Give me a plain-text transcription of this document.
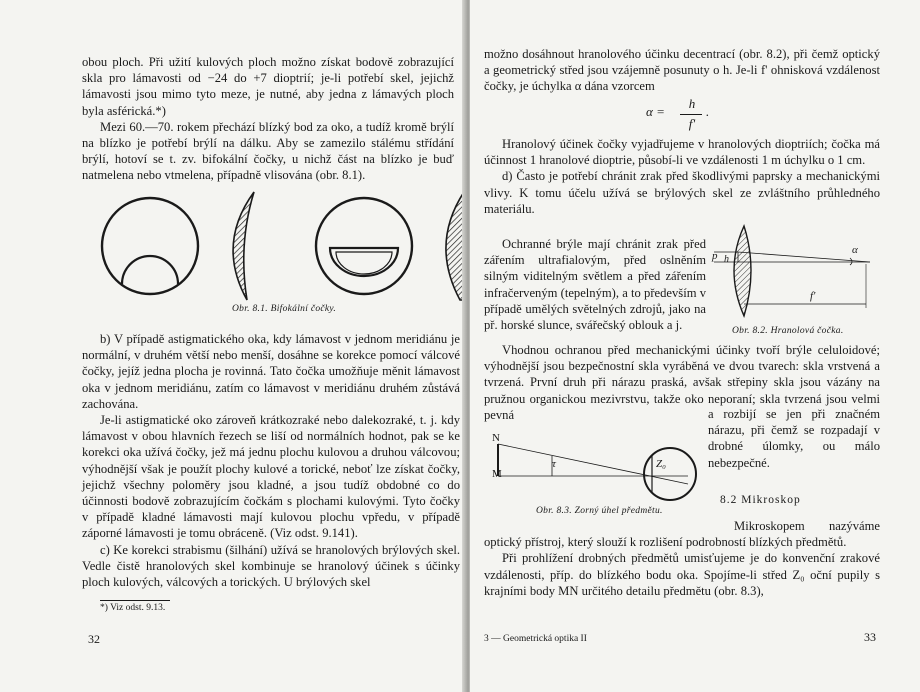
obou ploch. Při užití kulových ploch možno získat bodově zobrazující skla pro lámavosti od −24 do +7 dioptrií; je-li potřebí skel, jejichž lámavosti jsou mimo tyto meze, je nutné, aby jedna z lámavých ploch byla asférická.*)

Mezi 60.—70. rokem přechází blízký bod za oko, a tudíž kromě brýlí na blízko je potřebí brýlí na dálku. Aby se zamezilo stálému střídání brýlí, hotoví se t. zv. bifokální čočky, u nichž část na blízko je buď natmelena nebo vtmelena, případně vlisována (obr. 8.1).

Obr. 8.1. Bifokální čočky.

b) V případě astigmatického oka, kdy lámavost v jednom meridiánu je normální, v druhém větší nebo menší, dosáhne se korekce pomocí válcové čočky, jejíž jedna plocha je rovinná. Tato čočka umožňuje měnit lámavost oka v jednom meridiánu, zatím co lámavost v meridiánu druhém zůstává zachována.

Je-li astigmatické oko zároveň krátkozraké nebo dalekozraké, t. j. kdy lámavost v obou hlavních řezech se liší od normálních hodnot, pak se ke korekci oka užívá čočky, jež má jednu plochu kulovou a druhou válcovou; výhodnější však je použít plochy kulové a torické, neboť lze získat čočky, jejichž všechny poloměry jsou kladné, a jsou tudíž obdobné co do účinnosti bodově zobrazujícím čočkám s plochami kulovými. Tyto čočky v případě kladné lámavosti mají kulovou plochu vpředu, v případě záporné lámavosti je tomu obráceně. (Viz odst. 9.141).

c) Ke korekci strabismu (šilhání) užívá se hranolových brýlových skel. Vedle čistě hranolových skel kombinuje se hranolový účinek s účinky ploch kulových, válcových a torických. U brýlových skel

*) Viz odst. 9.13.
32

možno dosáhnout hranolového účinku decentrací (obr. 8.2), při čemž optický a geometrický střed jsou vzájemně posunuty o h. Je-li f' ohnisková vzdálenost čočky, je úchylka α dána vzorcem

α =
h
f'
.

Hranolový účinek čočky vyjadřujeme v hranolových dioptriích; čočka má účinnost 1 hranolové dioptrie, působí-li ve vzdálenosti 1 m úchylku o 1 cm.

d) Často je potřebí chránit zrak před škodlivými paprsky a mechanickými vlivy. K tomu účelu užívá se brýlových skel ze zvláštního průhledného materiálu.

Ochranné brýle mají chránit zrak před zářením ultrafialovým, před oslněním silným viditelným světlem a před zářením infračerveným (tepelným), a to především v případě umělých světelných zdrojů, jako na př. horské slunce, svářečský oblouk a j.

p h
α
f'
Obr. 8.2. Hranolová čočka.

Vhodnou ochranou před mechanickými účinky tvoří brýle celuloidové; výhodnější jsou bezpečnostní skla vyráběná ve dvou tvarech: skla vrstvená a tvrzená. První druh při nárazu praská, avšak střepiny skla jsou vázány na pružnou organickou mezivrstvu, takže oko neporaní; skla tvrzená jsou velmi pevná

N
M
τ	Z₀
Obr. 8.3. Zorný úhel předmětu.

a rozbijí se jen při značném nárazu, při čemž se rozpadají v drobné úlomky, ou málo nebezpečné.

8.2 Mikroskop

Mikroskopem nazýváme optický přístroj, který slouží k rozlišení podrobností blízkých předmětů.

Při prohlížení drobných předmětů umisťujeme je do konvenční zrakové vzdálenosti, příp. do blízkého bodu oka. Spojíme-li střed Z₀ oční pupily s krajními body MN určitého detailu předmětu (obr. 8.3),

3 — Geometrická optika II	33
